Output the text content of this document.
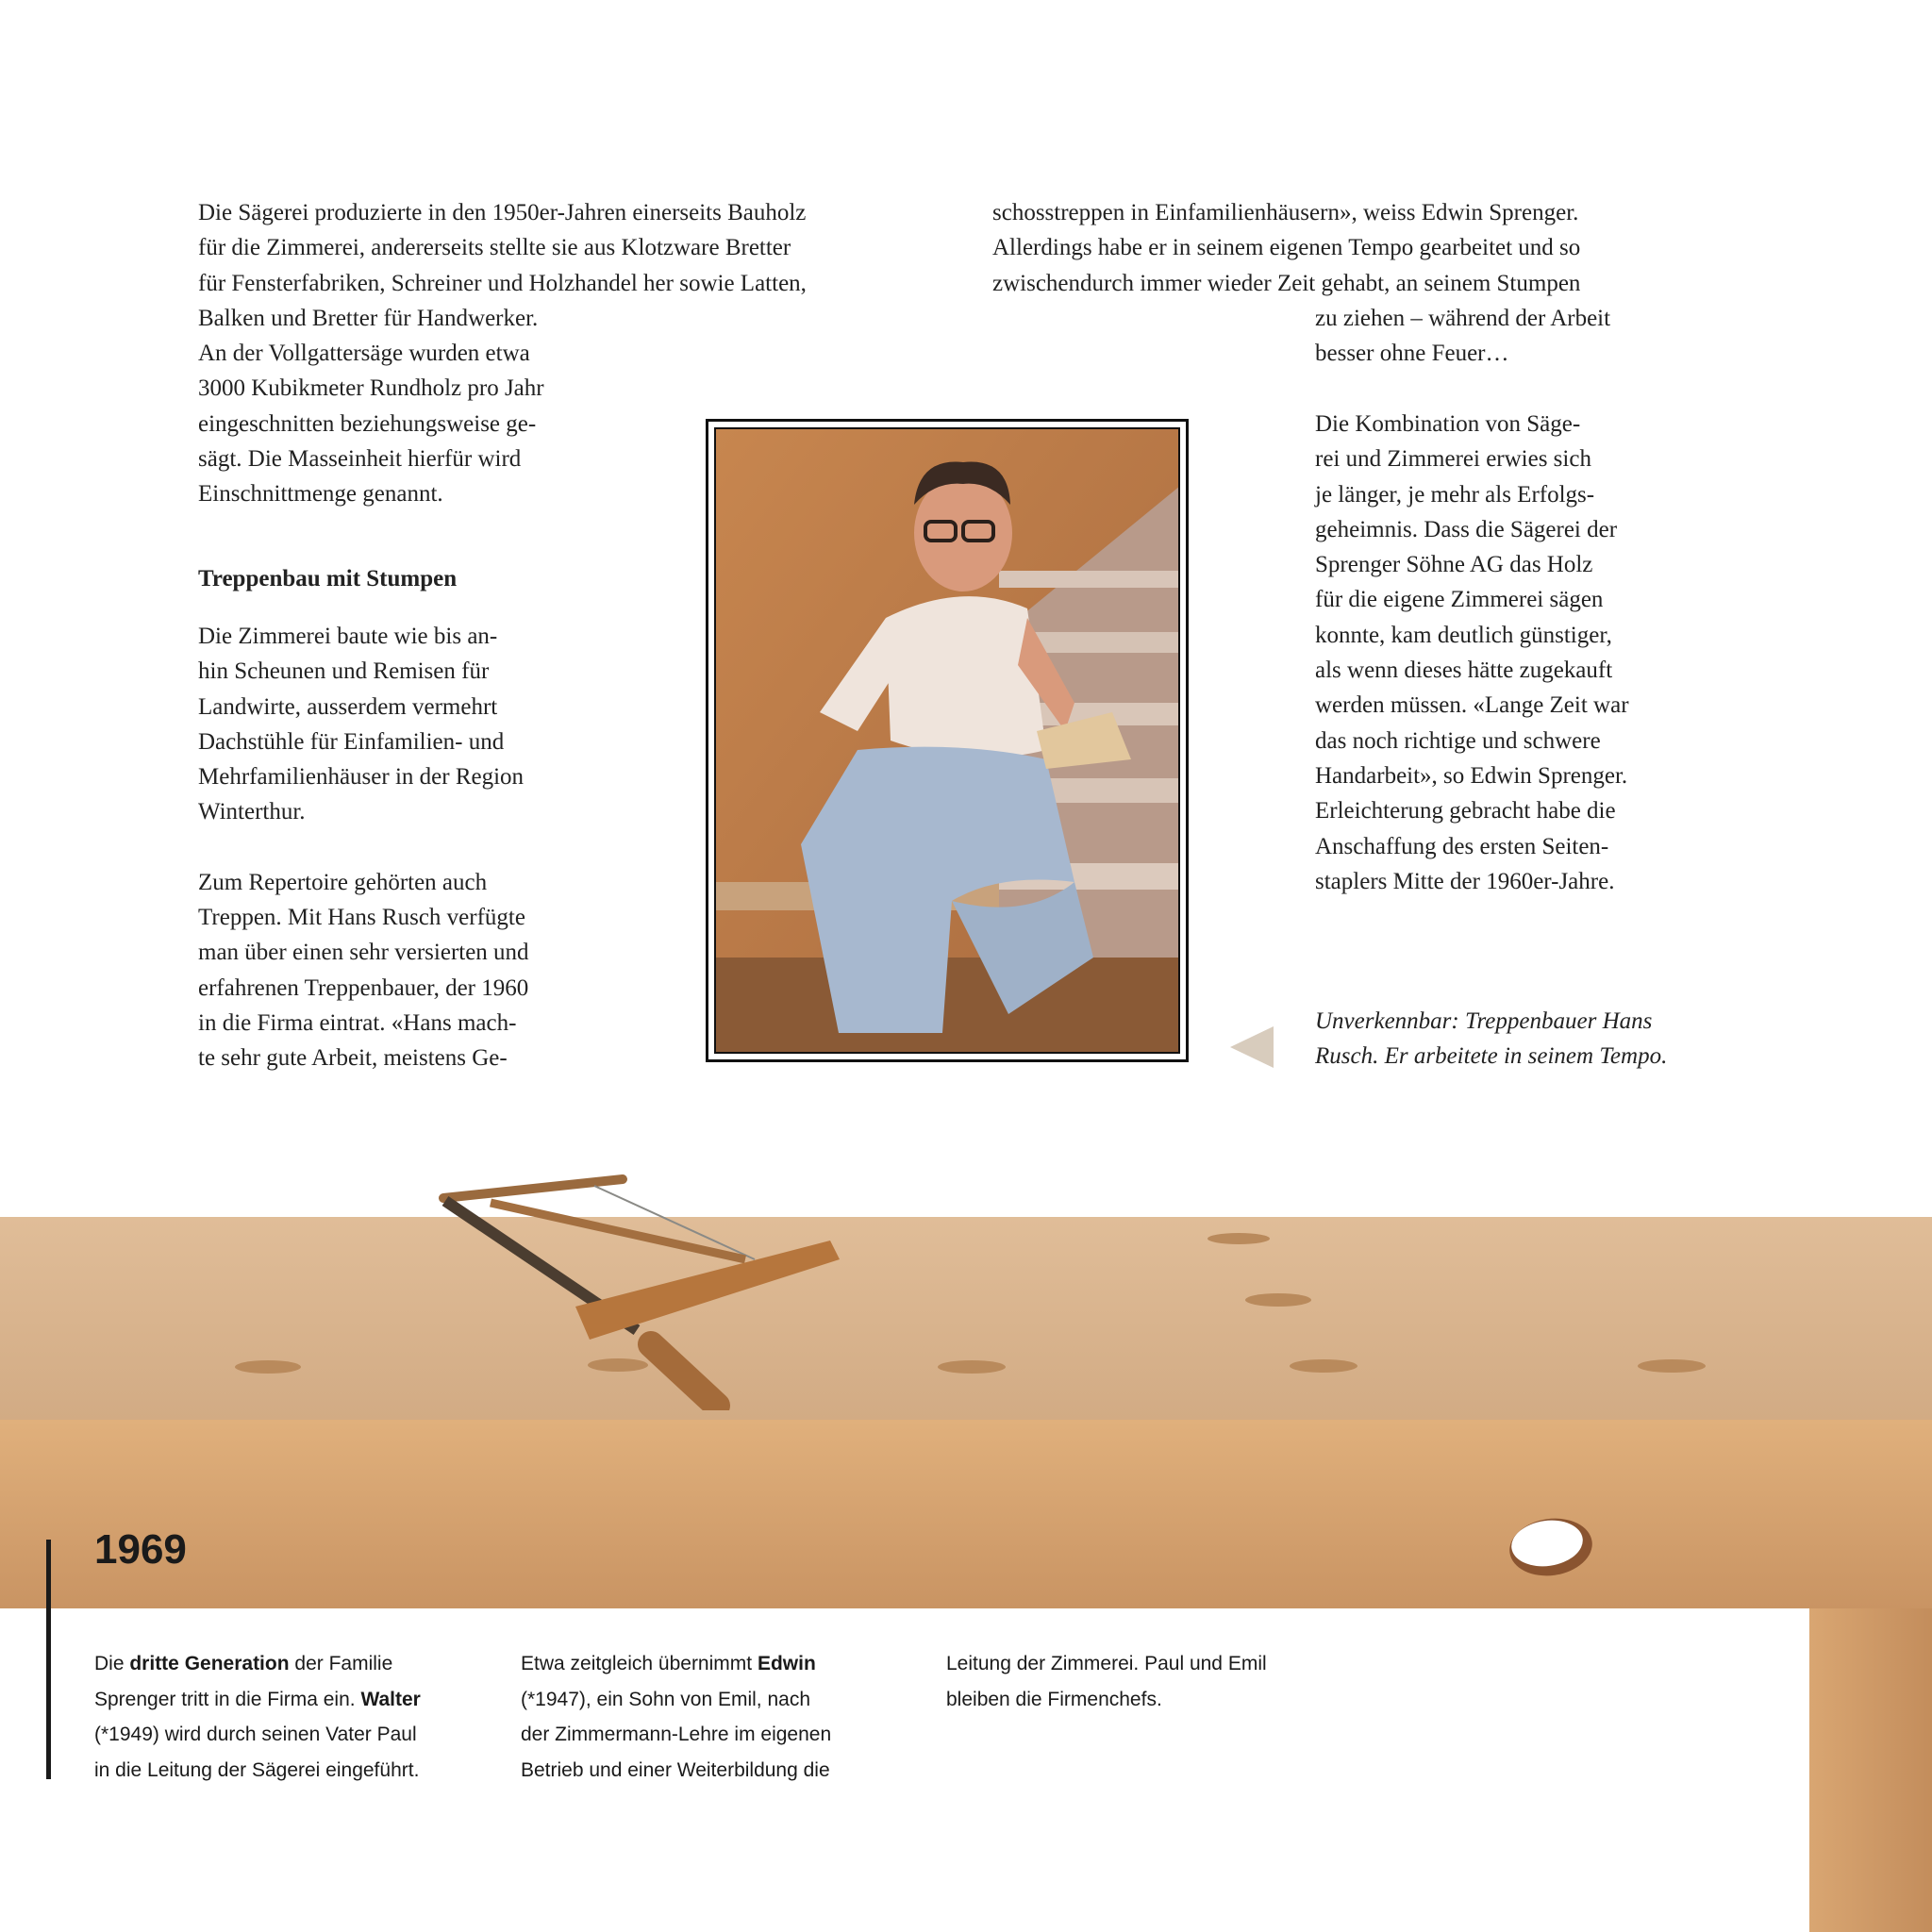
Die Sägerei produzierte in den 1950er-Jahren einerseits Bauholz
für die Zimmerei, andererseits stellte sie aus Klotzware Bretter
für Fensterfabriken, Schreiner und Holzhandel her sowie Latten,
Balken und Bretter für Handwerker.
An der Vollgattersäge wurden etwa
3000 Kubikmeter Rundholz pro Jahr
eingeschnitten beziehungsweise ge-
sägt. Die Masseinheit hierfür wird
Einschnittmenge genannt.

schosstreppen in Einfamilienhäusern», weiss Edwin Sprenger.
Allerdings habe er in seinem eigenen Tempo gearbeitet und so
zwischendurch immer wieder Zeit gehabt, an seinem Stumpen

zu ziehen – während der Arbeit
besser ohne Feuer…

Die Kombination von Säge-
rei und Zimmerei erwies sich
je länger, je mehr als Erfolgs-
geheimnis. Dass die Sägerei der
Sprenger Söhne AG das Holz
für die eigene Zimmerei sägen
konnte, kam deutlich günstiger,
als wenn dieses hätte zugekauft
werden müssen. «Lange Zeit war
das noch richtige und schwere
Handarbeit», so Edwin Sprenger.
Erleichterung gebracht habe die
Anschaffung des ersten Seiten-
staplers Mitte der 1960er-Jahre.

Treppenbau mit Stumpen

Die Zimmerei baute wie bis an-
hin Scheunen und Remisen für
Landwirte, ausserdem vermehrt
Dachstühle für Einfamilien- und
Mehrfamilienhäuser in der Region
Winterthur.

Zum Repertoire gehörten auch
Treppen. Mit Hans Rusch verfügte
man über einen sehr versierten und
erfahrenen Treppenbauer, der 1960
in die Firma eintrat. «Hans mach-
te sehr gute Arbeit, meistens Ge-

Unverkennbar: Treppenbauer Hans
Rusch. Er arbeitete in seinem Tempo.

1969

Die dritte Generation der Familie
Sprenger tritt in die Firma ein. Walter
(*1949) wird durch seinen Vater Paul
in die Leitung der Sägerei eingeführt.

Etwa zeitgleich übernimmt Edwin
(*1947), ein Sohn von Emil, nach
der Zimmermann-Lehre im eigenen
Betrieb und einer Weiterbildung die

Leitung der Zimmerei. Paul und Emil
bleiben die Firmenchefs.
